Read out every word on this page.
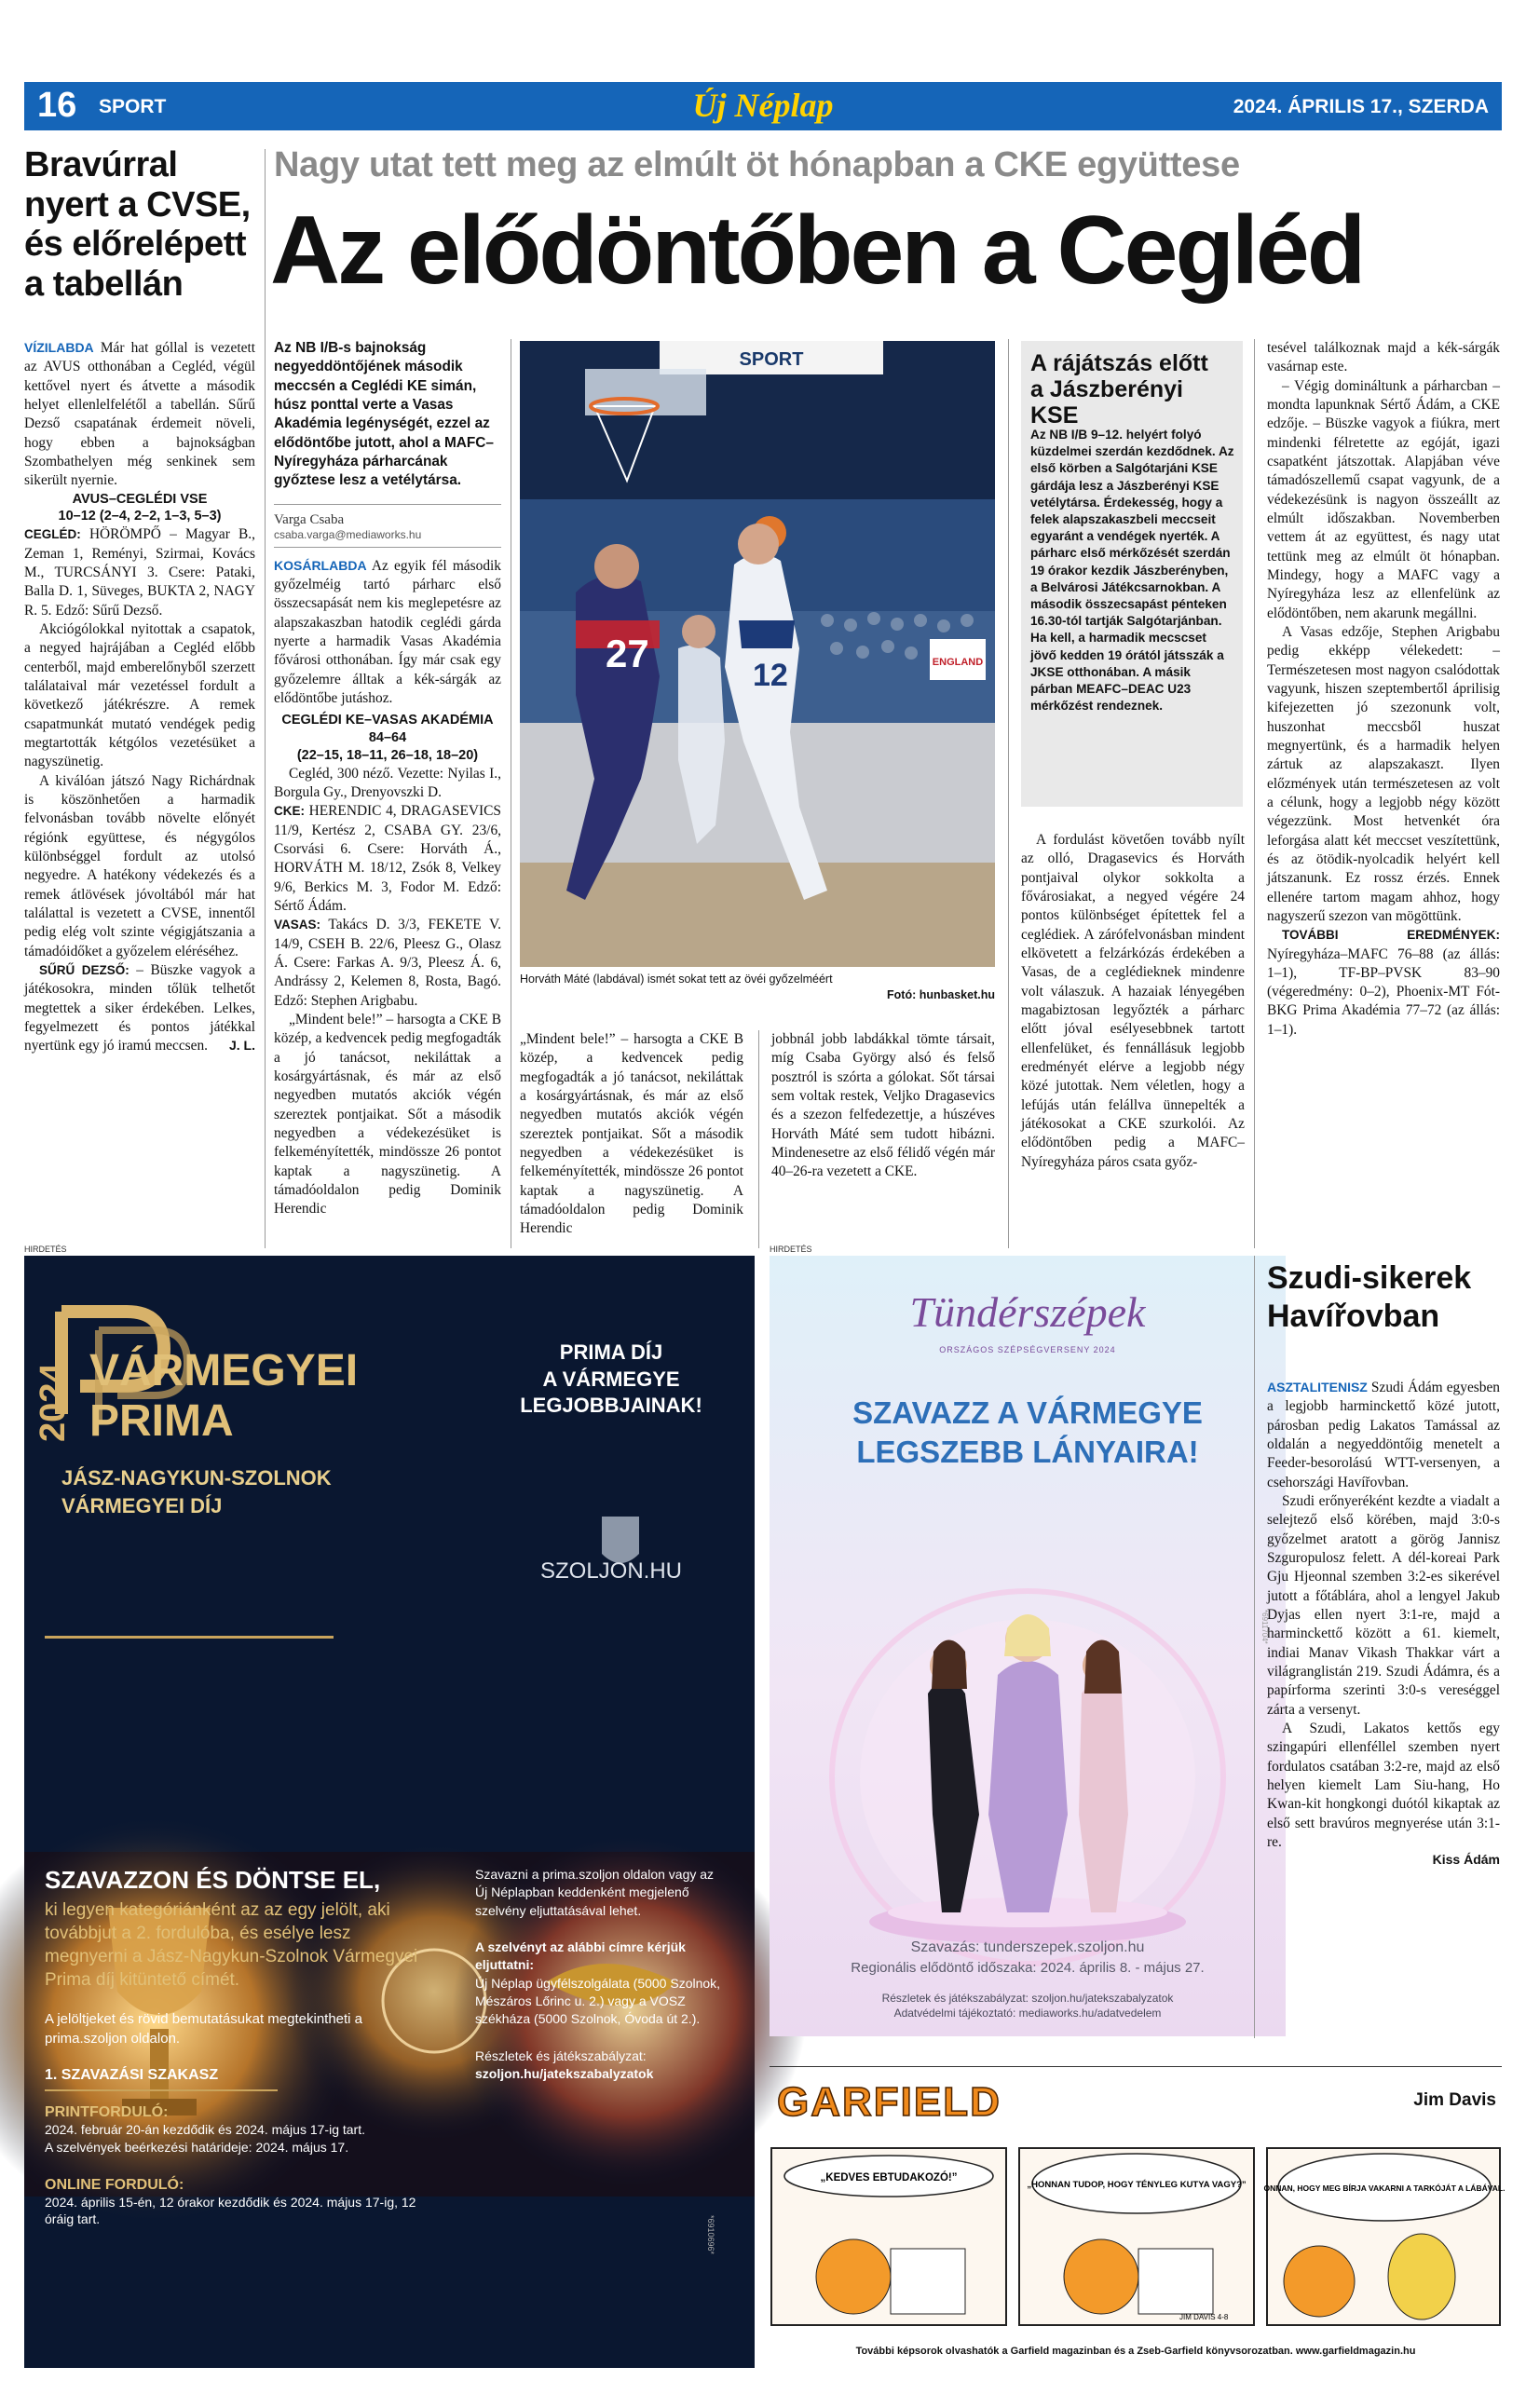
16 SPORT	Új Néplap	2024. ÁPRILIS 17., SZERDA
Bravúrral nyert a CVSE, és előrelépett a tabellán

VÍZILABDA Már hat góllal is vezetett az AVUS otthonában a Cegléd, végül kettővel nyert és átvette a második helyet ellenlelfelétől a tabellán. Sűrű Dezső csapatának érdemeit növeli, hogy ebben a bajnokságban Szombathelyen még senkinek sem sikerült nyernie.

AVUS–CEGLÉDI VSE
10–12 (2–4, 2–2, 1–3, 5–3)

CEGLÉD: HÖRÖMPŐ – Magyar B., Zeman 1, Reményi, Szirmai, Kovács M., TURCSÁNYI 3. Csere: Pataki, Balla D. 1, Süveges, BUKTA 2, NAGY R. 5. Edző: Sűrű Dezső.

Akciógólokkal nyitottak a csapatok, a negyed hajrájában a Cegléd előbb centerből, majd emberelőnyből szerzett találataival már vezetéssel fordult a következő játékrészre. A remek csapatmunkát mutató vendégek pedig megtartották kétgólos vezetésüket a nagyszünetig.

A kiválóan játszó Nagy Richárdnak is köszönhetően a harmadik felvonásban tovább növelte előnyét régiónk együttese, és négygólos különbséggel fordult az utolsó negyedre. A hatékony védekezés és a remek átlövések jóvoltából már hat találattal is vezetett a CVSE, innentől pedig elég volt szinte végigjátszania a támadóidőket a győzelem eléréséhez.

SŰRŰ DEZSŐ: – Büszke vagyok a játékosokra, minden tőlük telhetőt megtettek a siker érdekében. Lelkes, fegyelmezett és pontos játékkal nyertünk egy jó iramú meccsen.	J. L.

Nagy utat tett meg az elmúlt öt hónapban a CKE együttese
Az elődöntőben a Cegléd

Az NB I/B-s bajnokság negyeddöntőjének második meccsén a Ceglédi KE simán, húsz ponttal verte a Vasas Akadémia legénységét, ezzel az elődöntőbe jutott, ahol a MAFC–Nyíregyháza párharcának győztese lesz a vetélytársa.

Varga Csaba
csaba.varga@mediaworks.hu

KOSÁRLABDA Az egyik fél második győzelméig tartó párharc első összecsapását nem kis meglepetésre az alapszakaszban hatodik ceglédi gárda nyerte a harmadik Vasas Akadémia fővárosi otthonában. Így már csak egy győzelemre álltak a kék-sárgák az elődöntőbe jutáshoz.

CEGLÉDI KE–VASAS AKADÉMIA 84–64
(22–15, 18–11, 26–18, 18–20)

Cegléd, 300 néző. Vezette: Nyilas I., Borgula Gy., Drenyovszki D.

CKE: HERENDIC 4, DRAGASEVICS 11/9, Kertész 2, CSABA GY. 23/6, Csorvási 6. Csere: Horváth Á., HORVÁTH M. 18/12, Zsók 8, Velkey 9/6, Berkics M. 3, Fodor M. Edző: Sértő Ádám.

VASAS: Takács D. 3/3, FEKETE V. 14/9, CSEH B. 22/6, Pleesz G., Olasz Á. Csere: Farkas A. 9/3, Pleesz Á. 6, Andrássy 2, Kelemen 8, Rosta, Bagó. Edző: Stephen Arigbabu.

„Mindent bele!” – harsogta a CKE B közép, a kedvencek pedig megfogadták a jó tanácsot, nekiláttak a kosárgyártásnak, és már az első negyedben mutatós akciók végén szereztek pontjaikat. Sőt a második negyedben a védekezésüket is felkeményítették, mindössze 26 pontot kaptak a nagyszünetig. A támadóoldalon pedig Dominik Herendic

SPORT
ENGLAND
27	12
Horváth Máté (labdával) ismét sokat tett az övéi győzelméért
Fotó: hunbasket.hu

„Mindent bele!” – harsogta a CKE B közép, a kedvencek pedig megfogadták a jó tanácsot, nekiláttak a kosárgyártásnak, és már az első negyedben mutatós akciók végén szereztek pontjaikat. Sőt a második negyedben a védekezésüket is felkeményítették, mindössze 26 pontot kaptak a nagyszünetig. A támadóoldalon pedig Dominik Herendic

jobbnál jobb labdákkal tömte társait, míg Csaba György alsó és felső posztról is szórta a gólokat. Sőt társai sem voltak restek, Veljko Dragasevics és a szezon felfedezettje, a húszéves Horváth Máté sem tudott hibázni. Mindenesetre az első félidő végén már 40–26-ra vezetett a CKE.

A rájátszás előtt a Jászberényi KSE
Az NB I/B 9–12. helyért folyó küzdelmei szerdán kezdődnek. Az első körben a Salgótarjáni KSE gárdája lesz a Jászberényi KSE vetélytársa. Érdekesség, hogy a felek alapszakaszbeli meccseit egyaránt a vendégek nyerték. A párharc első mérkőzését szerdán 19 órakor kezdik Jászberényben, a Belvárosi Játékcsarnokban. A második összecsapást pénteken 16.30-tól tartják Salgótarjánban. Ha kell, a harmadik mecscset jövő kedden 19 órától játsszák a JKSE otthonában. A másik párban MEAFC–DEAC U23 mérkőzést rendeznek.

A fordulást követően tovább nyílt az olló, Dragasevics és Horváth pontjaival olykor sokkolta a fővárosiakat, a negyed végére 24 pontos különbséget építettek fel a ceglédiek. A zárófelvonásban mindent elkövetett a felzárkózás érdekében a Vasas, de a ceglédieknek mindenre volt válaszuk. A hazaiak lényegében magabiztosan legyőzték a párharc előtt jóval esélyesebbnek tartott ellenfelüket, és fennállásuk legjobb eredményét elérve a legjobb négy közé jutottak. Nem véletlen, hogy a lefújás után felállva ünnepelték a játékosokat a CKE szurkolói. Az elődöntőben pedig a MAFC–Nyíregyháza páros csata győz-

tesével találkoznak majd a kék-sárgák vasárnap este.

– Végig domináltunk a párharcban – mondta lapunknak Sértő Ádám, a CKE edzője. – Büszke vagyok a fiúkra, mert mindenki félretette az egóját, igazi csapatként játszottak. Alapjában véve támadószellemű csapat vagyunk, de a védekezésünk is nagyon összeállt az elmúlt időszakban. Novemberben vettem át az együttest, és nagy utat tettünk meg az elmúlt öt hónapban. Mindegy, hogy a MAFC vagy a Nyíregyháza lesz az ellenfelünk az elődöntőben, nem akarunk megállni.

A Vasas edzője, Stephen Arigbabu pedig ekképp vélekedett: – Természetesen most nagyon csalódottak vagyunk, hiszen szeptembertől áprilisig kifejezetten jó szezonunk volt, huszonhat meccsből huszat megnyertünk, és a harmadik helyen zártuk az alapszakaszt. Ilyen előzmények után természetesen az volt a célunk, hogy a legjobb négy között végezzünk. Most hetvenkét óra leforgása alatt két meccset veszítettünk, és az ötödik-nyolcadik helyért kell játszanunk. Ez rossz érzés. Ennek ellenére tartom magam ahhoz, hogy nagyszerű szezon van mögöttünk.

TOVÁBBI EREDMÉNYEK: Nyíregyháza–MAFC 76–88 (az állás: 1–1), TF-BP–PVSK 83–90 (végeredmény: 0–2), Phoenix-MT Fót-BKG Prima Akadémia 77–72 (az állás: 1–1).

HIRDETÉS	HIRDETÉS
2024 VÁRMEGYEI
PRIMA
JÁSZ-NAGYKUN-SZOLNOK
VÁRMEGYEI DÍJ
PRIMA DÍJ
A VÁRMEGYE
LEGJOBBJAINAK!
SZOLJON.HU
SZAVAZZON ÉS DÖNTSE EL,
ki legyen kategóriánként az az egy jelölt, aki továbbjut a 2. fordulóba, és esélye lesz megnyerni a Jász-Nagykun-Szolnok Vármegyei Prima díj kitüntető címét.
A jelöltjeket és rövid bemutatásukat megtekintheti a prima.szoljon oldalon.
1. SZAVAZÁSI SZAKASZ
PRINTFORDULÓ:
2024. február 20-án kezdődik és 2024. május 17-ig tart.
A szelvények beérkezési határideje: 2024. május 17.
ONLINE FORDULÓ:
2024. április 15-én, 12 órakor kezdődik és 2024. május 17-ig, 12 óráig tart.
Szavazni a prima.szoljon oldalon vagy az Új Néplapban keddenként megjelenő szelvény eljuttatásával lehet.
A szelvényt az alábbi címre kérjük eljuttatni:
Új Néplap ügyfélszolgálata (5000 Szolnok, Mészáros Lőrinc u. 2.) vagy a VOSZ székháza (5000 Szolnok, Óvoda út 2.).
Részletek és játékszabályzat:
szoljon.hu/jatekszabalyzatok
*6910696*
Tündérszépek
ORSZÁGOS SZÉPSÉGVERSENY 2024
SZAVAZZ A VÁRMEGYE
LEGSZEBB LÁNYAIRA!
Szavazás: tunderszepek.szoljon.hu
Regionális elődöntő időszaka: 2024. április 8. - május 27.
Részletek és játékszabályzat: szoljon.hu/jatekszabalyzatok
Adatvédelmi tájékoztató: mediaworks.hu/adatvedelem
*6911704*
Szudi-sikerek Havířovban

ASZTALITENISZ Szudi Ádám egyesben a legjobb harminckettő közé jutott, párosban pedig Lakatos Tamással az oldalán a negyeddöntőig menetelt a Feeder-besorolású WTT-versenyen, a csehországi Havířovban.

Szudi erőnyeréként kezdte a viadalt a selejtező első körében, majd 3:0-s győzelmet aratott a görög Jannisz Szguropulosz felett. A dél-koreai Park Gju Hjeonnal szemben 3:2-es sikerével jutott a főtáblára, ahol a lengyel Jakub Dyjas ellen nyert 3:1-re, majd a harminckettő között a 61. kiemelt, indiai Manav Vikash Thakkar várt a világranglistán 219. Szudi Ádámra, és a papírforma szerinti 3:0-s vereséggel zárta a versenyt.

A Szudi, Lakatos kettős egy szingapúri ellenféllel szemben nyert fordulatos csatában 3:2-re, majd az első helyen kiemelt Lam Siu-hang, Ho Kwan-kit hongkongi duótól kikaptak az első sett bravúros megnyerése után 3:1-re.

Kiss Ádám
GARFIELD	Jim Davis
„KEDVES EBTUDAKOZÓ!”
„HONNAN TUDOP, HOGY TÉNYLEG KUTYA VAGY?” ONNAN, HOGY MEG BÍRJA VAKARNI A TARKÓJÁT A LÁBÁVAL.
JIM DAVIS 4-8
További képsorok olvashatók a Garfield magazinban és a Zseb-Garfield könyvsorozatban. www.garfieldmagazin.hu
